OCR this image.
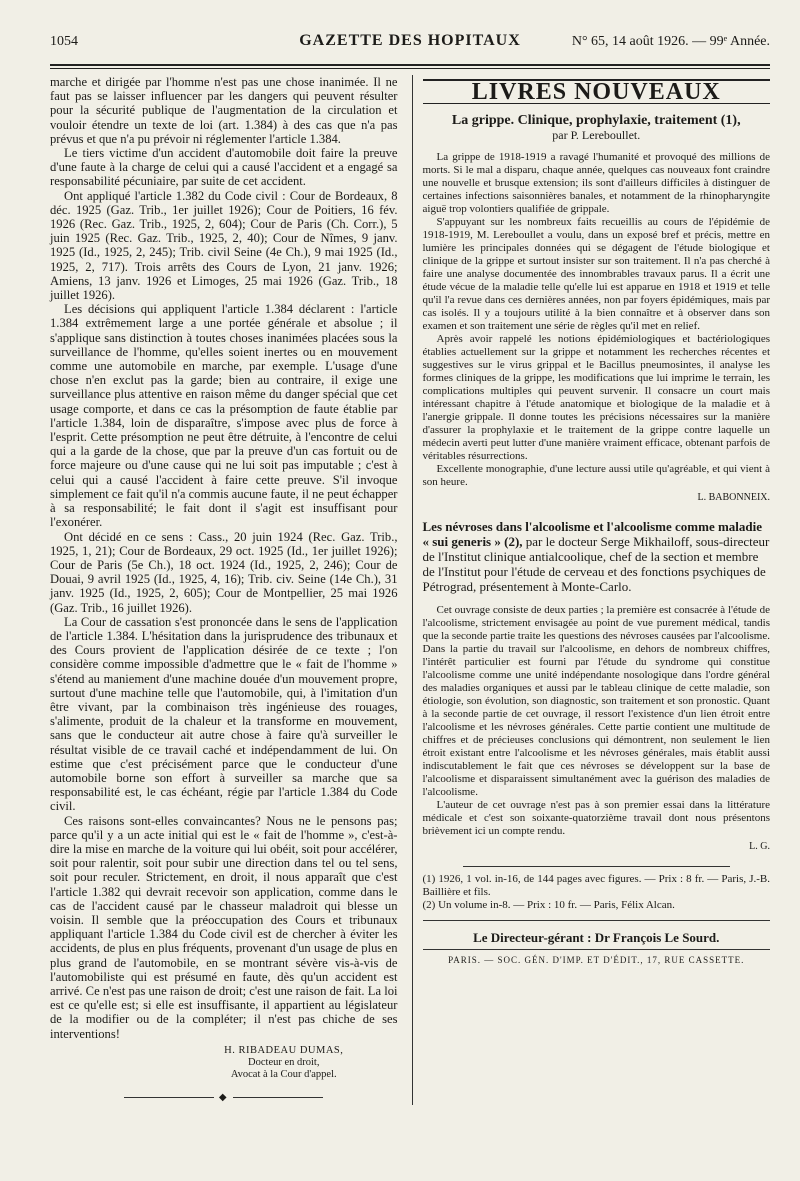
1054	GAZETTE DES HOPITAUX	N° 65, 14 août 1926. — 99ᵉ Année.

marche et dirigée par l'homme n'est pas une chose inanimée. Il ne faut pas se laisser influencer par les dangers qui peuvent résulter pour la sécurité publique de l'augmentation de la circulation et vouloir étendre un texte de loi (art. 1.384) à des cas que n'a pas prévus et que n'a pu prévoir ni réglementer l'article 1.384.

Le tiers victime d'un accident d'automobile doit faire la preuve d'une faute à la charge de celui qui a causé l'accident et a engagé sa responsabilité pécuniaire, par suite de cet accident.

Ont appliqué l'article 1.382 du Code civil : Cour de Bordeaux, 8 déc. 1925 (Gaz. Trib., 1er juillet 1926); Cour de Poitiers, 16 fév. 1926 (Rec. Gaz. Trib., 1925, 2, 604); Cour de Paris (Ch. Corr.), 5 juin 1925 (Rec. Gaz. Trib., 1925, 2, 40); Cour de Nîmes, 9 janv. 1925 (Id., 1925, 2, 245); Trib. civil Seine (4e Ch.), 9 mai 1925 (Id., 1925, 2, 717). Trois arrêts des Cours de Lyon, 21 janv. 1926; Amiens, 13 janv. 1926 et Limoges, 25 mai 1926 (Gaz. Trib., 18 juillet 1926).

Les décisions qui appliquent l'article 1.384 déclarent : l'article 1.384 extrêmement large a une portée générale et absolue ; il s'applique sans distinction à toutes choses inanimées placées sous la surveillance de l'homme, qu'elles soient inertes ou en mouvement comme une automobile en marche, par exemple. L'usage d'une chose n'en exclut pas la garde; bien au contraire, il exige une surveillance plus attentive en raison même du danger spécial que cet usage comporte, et dans ce cas la présomption de faute établie par l'article 1.384, loin de disparaître, s'impose avec plus de force à l'esprit. Cette présomption ne peut être détruite, à l'encontre de celui qui a la garde de la chose, que par la preuve d'un cas fortuit ou de force majeure ou d'une cause qui ne lui soit pas imputable ; c'est à celui qui a causé l'accident à faire cette preuve. S'il invoque simplement ce fait qu'il n'a commis aucune faute, il ne peut échapper à sa responsabilité; le fait dont il s'agit est insuffisant pour l'exonérer.

Ont décidé en ce sens : Cass., 20 juin 1924 (Rec. Gaz. Trib., 1925, 1, 21); Cour de Bordeaux, 29 oct. 1925 (Id., 1er juillet 1926); Cour de Paris (5e Ch.), 18 oct. 1924 (Id., 1925, 2, 246); Cour de Douai, 9 avril 1925 (Id., 1925, 4, 16); Trib. civ. Seine (14e Ch.), 31 janv. 1925 (Id., 1925, 2, 605); Cour de Montpellier, 25 mai 1926 (Gaz. Trib., 16 juillet 1926).

La Cour de cassation s'est prononcée dans le sens de l'application de l'article 1.384. L'hésitation dans la jurisprudence des tribunaux et des Cours provient de l'application désirée de ce texte ; l'on considère comme impossible d'admettre que le « fait de l'homme » s'étend au maniement d'une machine douée d'un mouvement propre, surtout d'une machine telle que l'automobile, qui, à l'imitation d'un être vivant, par la combinaison très ingénieuse des rouages, s'alimente, produit de la chaleur et la transforme en mouvement, sans que le conducteur ait autre chose à faire qu'à surveiller le résultat visible de ce travail caché et indépendamment de lui. On estime que c'est précisément parce que le conducteur d'une automobile borne son effort à surveiller sa marche que sa responsabilité est, le cas échéant, régie par l'article 1.384 du Code civil.

Ces raisons sont-elles convaincantes? Nous ne le pensons pas; parce qu'il y a un acte initial qui est le « fait de l'homme », c'est-à-dire la mise en marche de la voiture qui lui obéit, soit pour accélérer, soit pour ralentir, soit pour subir une direction dans tel ou tel sens, soit pour reculer. Strictement, en droit, il nous apparaît que c'est l'article 1.382 qui devrait recevoir son application, comme dans le cas de l'accident causé par le chasseur maladroit qui blesse un voisin. Il semble que la préoccupation des Cours et tribunaux appliquant l'article 1.384 du Code civil est de chercher à éviter les accidents, de plus en plus fréquents, provenant d'un usage de plus en plus grand de l'automobile, en se montrant sévère vis-à-vis de l'automobiliste qui est présumé en faute, dès qu'un accident est arrivé. Ce n'est pas une raison de droit; c'est une raison de fait. La loi est ce qu'elle est; si elle est insuffisante, il appartient au législateur de la modifier ou de la compléter; il n'est pas chiche de ses interventions!

H. RIBADEAU DUMAS,
Docteur en droit,
Avocat à la Cour d'appel.
◆
LIVRES NOUVEAUX
La grippe. Clinique, prophylaxie, traitement (1),
par P. Lereboullet.

La grippe de 1918-1919 a ravagé l'humanité et provoqué des millions de morts. Si le mal a disparu, chaque année, quelques cas nouveaux font craindre une nouvelle et brusque extension; ils sont d'ailleurs difficiles à distinguer de certaines infections saisonnières banales, et notamment de la rhinopharyngite aiguë trop volontiers qualifiée de grippale.

S'appuyant sur les nombreux faits recueillis au cours de l'épidémie de 1918-1919, M. Lereboullet a voulu, dans un exposé bref et précis, mettre en lumière les principales données qui se dégagent de l'étude biologique et clinique de la grippe et surtout insister sur son traitement. Il n'a pas cherché à faire une analyse documentée des innombrables travaux parus. Il a écrit une étude vécue de la maladie telle qu'elle lui est apparue en 1918 et 1919 et telle qu'il l'a revue dans ces dernières années, non par foyers épidémiques, mais par cas isolés. Il y a toujours utilité à la bien connaître et à observer dans son examen et son traitement une série de règles qu'il met en relief.

Après avoir rappelé les notions épidémiologiques et bactériologiques établies actuellement sur la grippe et notamment les recherches récentes et suggestives sur le virus grippal et le Bacillus pneumosintes, il analyse les formes cliniques de la grippe, les modifications que lui imprime le terrain, les complications multiples qui peuvent survenir. Il consacre un court mais intéressant chapitre à l'étude anatomique et biologique de la maladie et à l'anergie grippale. Il donne toutes les précisions nécessaires sur la manière d'assurer la prophylaxie et le traitement de la grippe contre laquelle un médecin averti peut lutter d'une manière vraiment efficace, obtenant parfois de véritables résurrections.

Excellente monographie, d'une lecture aussi utile qu'agréable, et qui vient à son heure.

L. BABONNEIX.
Les névroses dans l'alcoolisme et l'alcoolisme comme maladie « sui generis » (2), par le docteur Serge Mikhailoff, sous-directeur de l'Institut clinique antialcoolique, chef de la section et membre de l'Institut pour l'étude de cerveau et des fonctions psychiques de Pétrograd, présentement à Monte-Carlo.

Cet ouvrage consiste de deux parties ; la première est consacrée à l'étude de l'alcoolisme, strictement envisagée au point de vue purement médical, tandis que la seconde partie traite les questions des névroses causées par l'alcoolisme. Dans la partie du travail sur l'alcoolisme, en dehors de nombreux chiffres, l'intérêt particulier est fourni par l'étude du syndrome qui constitue l'alcoolisme comme une unité indépendante nosologique dans l'ordre général des maladies organiques et aussi par le tableau clinique de cette maladie, son étiologie, son évolution, son diagnostic, son traitement et son pronostic. Quant à la seconde partie de cet ouvrage, il ressort l'existence d'un lien étroit entre l'alcoolisme et les névroses générales. Cette partie contient une multitude de chiffres et de précieuses conclusions qui démontrent, non seulement le lien étroit existant entre l'alcoolisme et les névroses générales, mais établit aussi indiscutablement le fait que ces névroses se développent sur la base de l'alcoolisme et disparaissent simultanément avec la guérison des maladies de l'alcoolisme.

L'auteur de cet ouvrage n'est pas à son premier essai dans la littérature médicale et c'est son soixante-quatorzième travail dont nous présentons brièvement ici un compte rendu.

L. G.

(1) 1926, 1 vol. in-16, de 144 pages avec figures. — Prix : 8 fr. — Paris, J.-B. Baillière et fils.

(2) Un volume in-8. — Prix : 10 fr. — Paris, Félix Alcan.

Le Directeur-gérant : Dr François Le Sourd.
PARIS. — SOC. GÉN. D'IMP. ET D'ÉDIT., 17, RUE CASSETTE.
